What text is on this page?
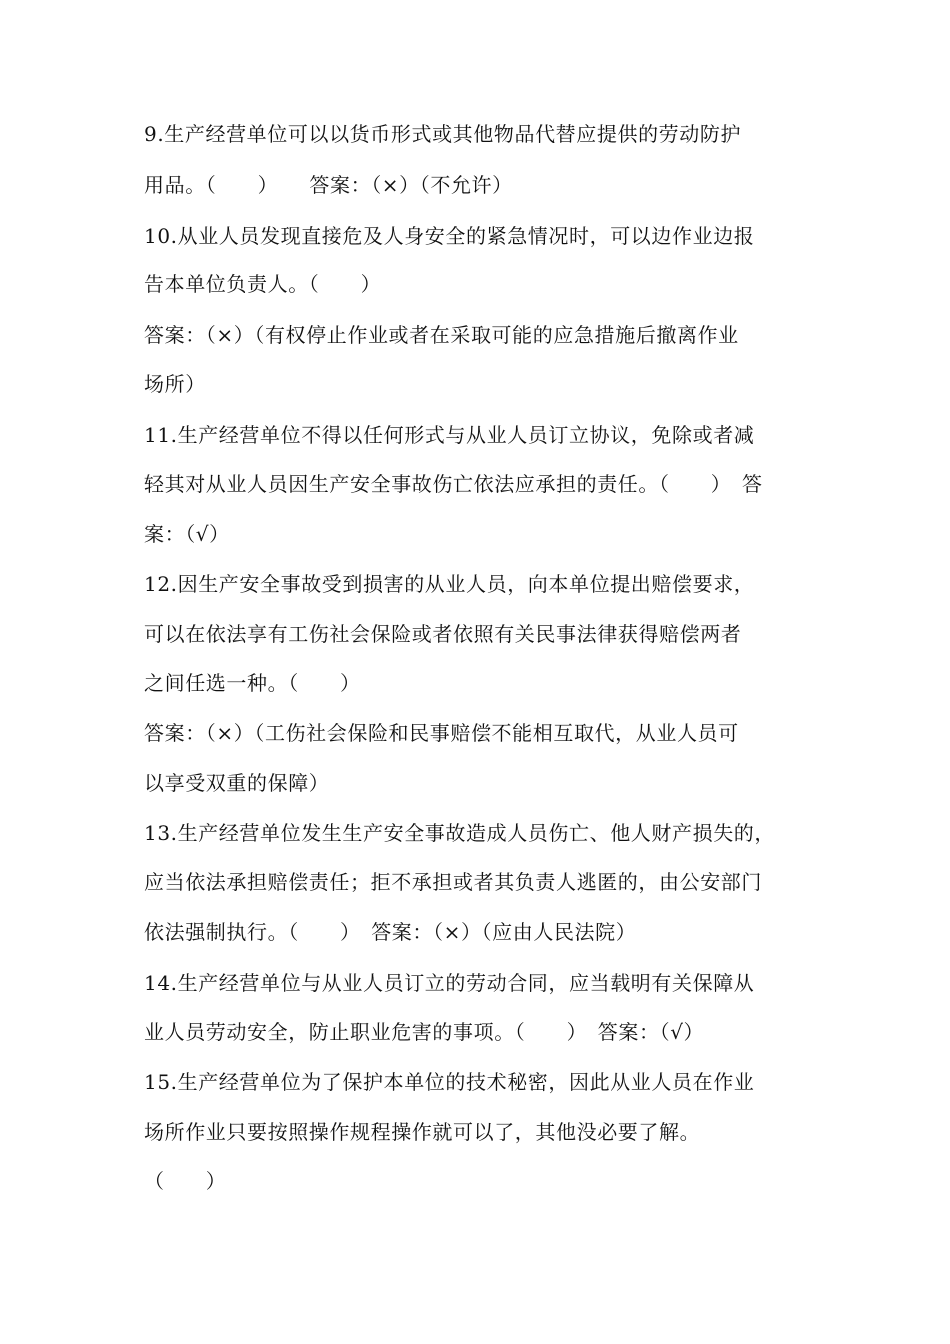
9.生产经营单位可以以货币形式或其他物品代替应提供的劳动防护
用品。（　　）　　答案：（×）（不允许）
10.从业人员发现直接危及人身安全的紧急情况时，可以边作业边报
告本单位负责人。（　　）
答案：（×）（有权停止作业或者在采取可能的应急措施后撤离作业
场所）
11.生产经营单位不得以任何形式与从业人员订立协议，免除或者减
轻其对从业人员因生产安全事故伤亡依法应承担的责任。（　　）　答
案：（√）
12.因生产安全事故受到损害的从业人员，向本单位提出赔偿要求，
可以在依法享有工伤社会保险或者依照有关民事法律获得赔偿两者
之间任选一种。（　　）
答案：（×）（工伤社会保险和民事赔偿不能相互取代，从业人员可
以享受双重的保障）
13.生产经营单位发生生产安全事故造成人员伤亡、他人财产损失的，
应当依法承担赔偿责任；拒不承担或者其负责人逃匿的，由公安部门
依法强制执行。（　　）　答案：（×）（应由人民法院）
14.生产经营单位与从业人员订立的劳动合同，应当载明有关保障从
业人员劳动安全，防止职业危害的事项。（　　）　答案：（√）
15.生产经营单位为了保护本单位的技术秘密，因此从业人员在作业
场所作业只要按照操作规程操作就可以了，其他没必要了解。
（　　）
